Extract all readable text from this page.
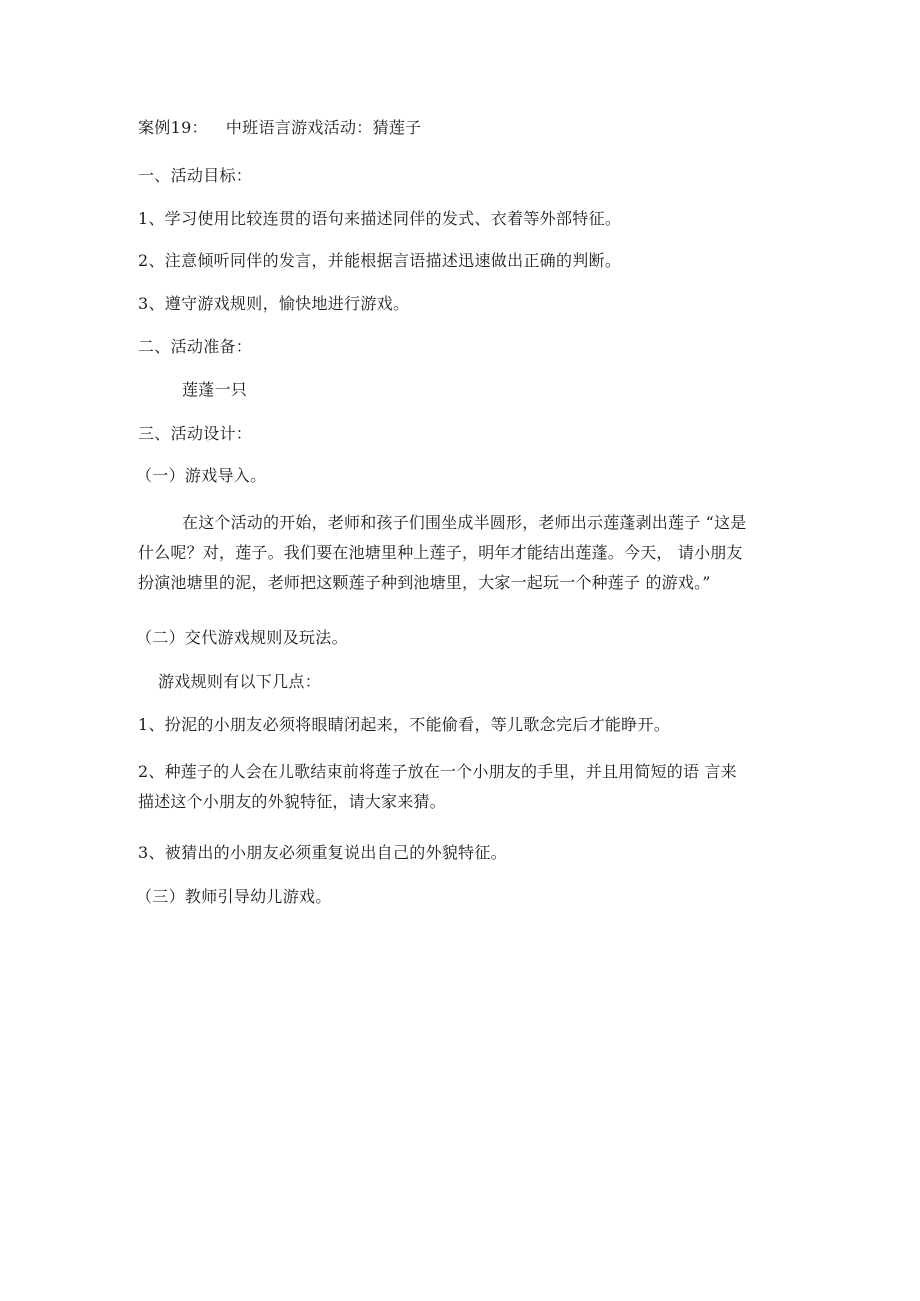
案例19： 中班语言游戏活动：猜莲子
一、活动目标：
1、学习使用比较连贯的语句来描述同伴的发式、衣着等外部特征。
2、注意倾听同伴的发言，并能根据言语描述迅速做出正确的判断。
3、遵守游戏规则，愉快地进行游戏。
二、活动准备：
莲蓬一只
三、活动设计：
（一）游戏导入。
在这个活动的开始，老师和孩子们围坐成半圆形，老师出示莲蓬剥出莲子 “这是
什么呢？对，莲子。我们要在池塘里种上莲子，明年才能结出莲蓬。今天， 请小朋友
扮演池塘里的泥，老师把这颗莲子种到池塘里，大家一起玩一个种莲子 的游戏。”
（二）交代游戏规则及玩法。
游戏规则有以下几点：
1、扮泥的小朋友必须将眼睛闭起来，不能偷看，等儿歌念完后才能睁开。
2、种莲子的人会在儿歌结束前将莲子放在一个小朋友的手里，并且用简短的语 言来
描述这个小朋友的外貌特征，请大家来猜。
3、被猜出的小朋友必须重复说出自己的外貌特征。
（三）教师引导幼儿游戏。
